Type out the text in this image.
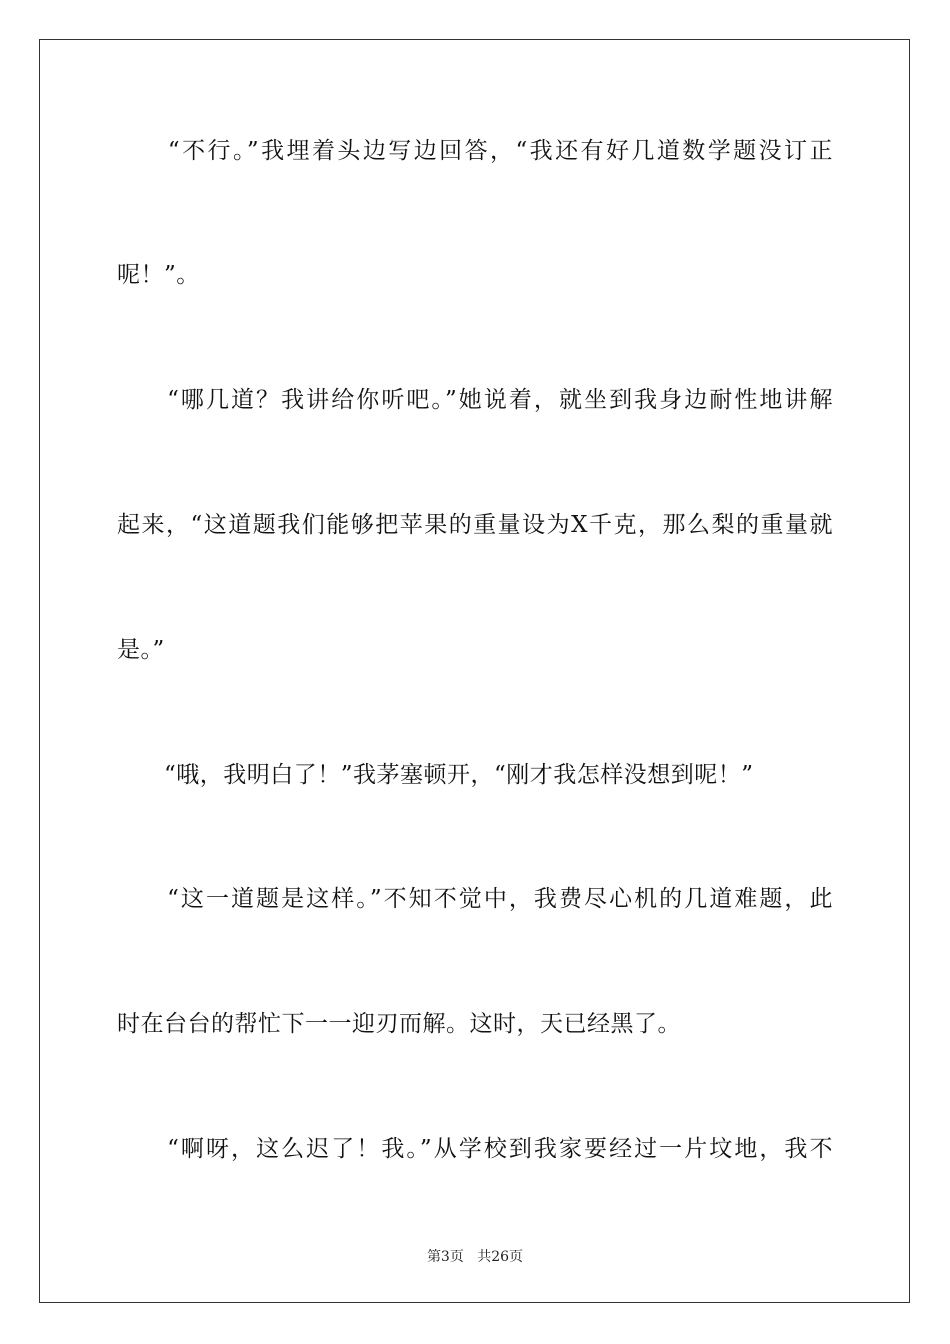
　　“不行。”我埋着头边写边回答，“我还有好几道数学题没订正
呢！”。
　　“哪几道？我讲给你听吧。”她说着，就坐到我身边耐性地讲解
起来，“这道题我们能够把苹果的重量设为X千克，那么梨的重量就
是。”
　　“哦，我明白了！”我茅塞顿开，“刚才我怎样没想到呢！”
　　“这一道题是这样。”不知不觉中，我费尽心机的几道难题，此
时在台台的帮忙下一一迎刃而解。这时，天已经黑了。
　　“啊呀，这么迟了！我。”从学校到我家要经过一片坟地，我不
第3页 共26页
